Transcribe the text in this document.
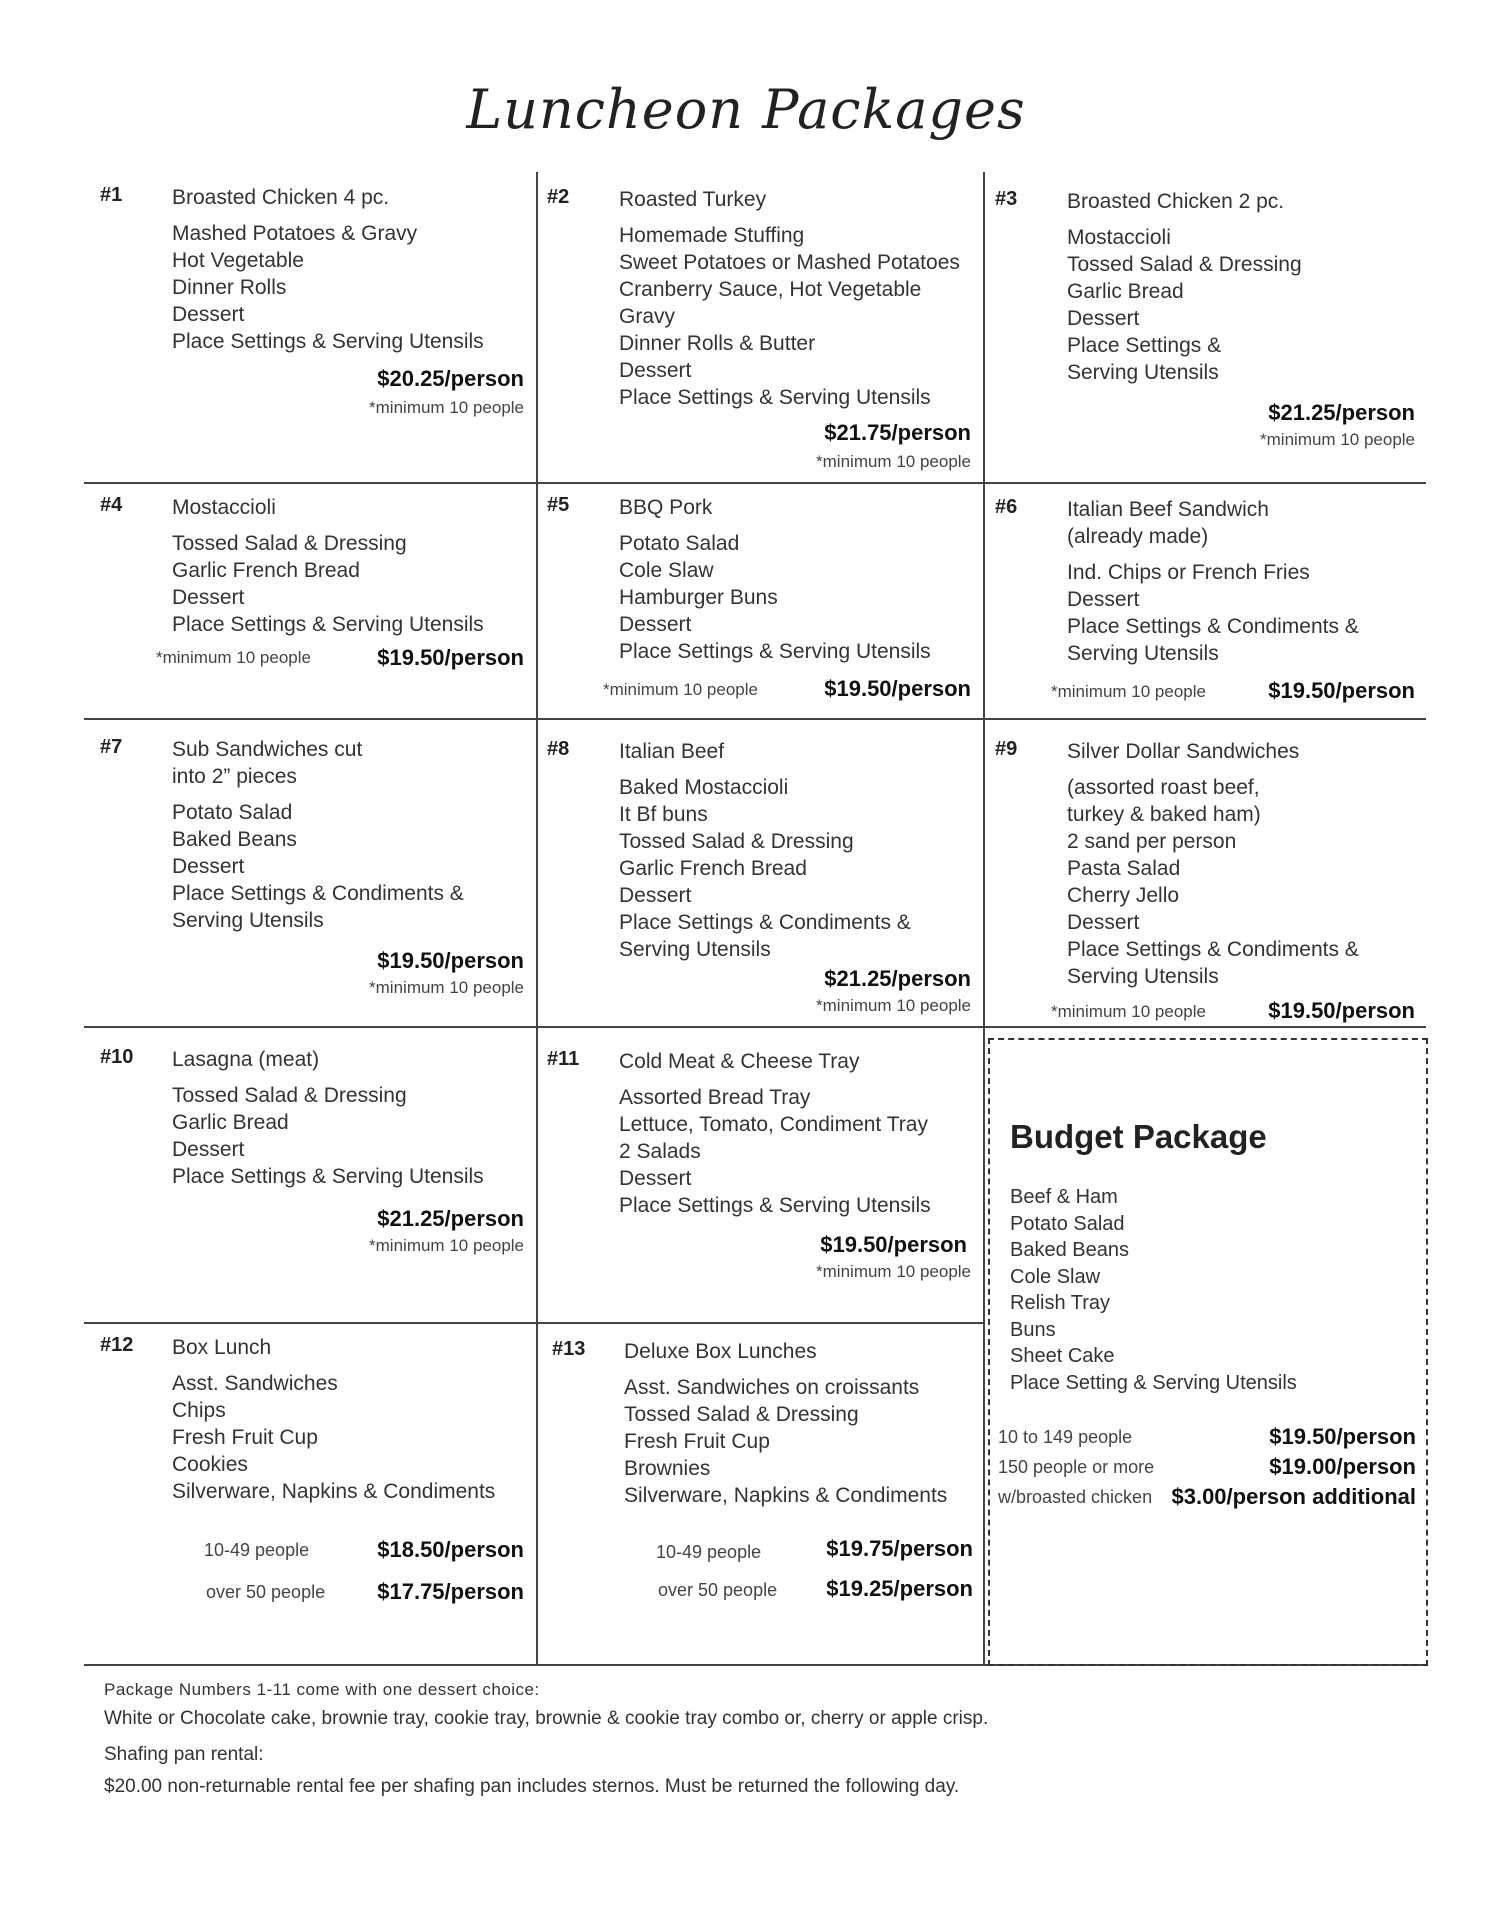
Luncheon Packages
#1 Broasted Chicken 4 pc.
Mashed Potatoes & Gravy
Hot Vegetable
Dinner Rolls
Dessert
Place Settings & Serving Utensils
$20.25/person
*minimum 10 people
#2 Roasted Turkey
Homemade Stuffing
Sweet Potatoes or Mashed Potatoes
Cranberry Sauce, Hot Vegetable
Gravy
Dinner Rolls & Butter
Dessert
Place Settings & Serving Utensils
$21.75/person
*minimum 10 people
#3 Broasted Chicken 2 pc.
Mostaccioli
Tossed Salad & Dressing
Garlic Bread
Dessert
Place Settings &
Serving Utensils
$21.25/person
*minimum 10 people
#4 Mostaccioli
Tossed Salad & Dressing
Garlic French Bread
Dessert
Place Settings & Serving Utensils
*minimum 10 people	$19.50/person
#5 BBQ Pork
Potato Salad
Cole Slaw
Hamburger Buns
Dessert
Place Settings & Serving Utensils
*minimum 10 people	$19.50/person
#6 Italian Beef Sandwich
(already made)
Ind. Chips or French Fries
Dessert
Place Settings & Condiments &
Serving Utensils
*minimum 10 people	$19.50/person
#7 Sub Sandwiches cut
into 2” pieces
Potato Salad
Baked Beans
Dessert
Place Settings & Condiments &
Serving Utensils
$19.50/person
*minimum 10 people
#8 Italian Beef
Baked Mostaccioli
It Bf buns
Tossed Salad & Dressing
Garlic French Bread
Dessert
Place Settings & Condiments &
Serving Utensils
$21.25/person
*minimum 10 people
#9 Silver Dollar Sandwiches
(assorted roast beef,
turkey & baked ham)
2 sand per person
Pasta Salad
Cherry Jello
Dessert
Place Settings & Condiments &
Serving Utensils
*minimum 10 people	$19.50/person
#10 Lasagna (meat)
Tossed Salad & Dressing
Garlic Bread
Dessert
Place Settings & Serving Utensils
$21.25/person
*minimum 10 people
#11 Cold Meat & Cheese Tray
Assorted Bread Tray
Lettuce, Tomato, Condiment Tray
2 Salads
Dessert
Place Settings & Serving Utensils
$19.50/person
*minimum 10 people
#12 Box Lunch
Asst. Sandwiches
Chips
Fresh Fruit Cup
Cookies
Silverware, Napkins & Condiments
10-49 people	$18.50/person
over 50 people $17.75/person
#13 Deluxe Box Lunches
Asst. Sandwiches on croissants
Tossed Salad & Dressing
Fresh Fruit Cup
Brownies
Silverware, Napkins & Condiments
10-49 people	$19.75/person
over 50 people $19.25/person
Budget Package
Beef & Ham
Potato Salad
Baked Beans
Cole Slaw
Relish Tray
Buns
Sheet Cake
Place Setting & Serving Utensils
10 to 149 people	$19.50/person
150 people or more	$19.00/person
w/broasted chicken $3.00/person additional
Package Numbers 1-11 come with one dessert choice:
White or Chocolate cake, brownie tray, cookie tray, brownie & cookie tray combo or, cherry or apple crisp.
Shafing pan rental:
$20.00 non-returnable rental fee per shafing pan includes sternos. Must be returned the following day.
